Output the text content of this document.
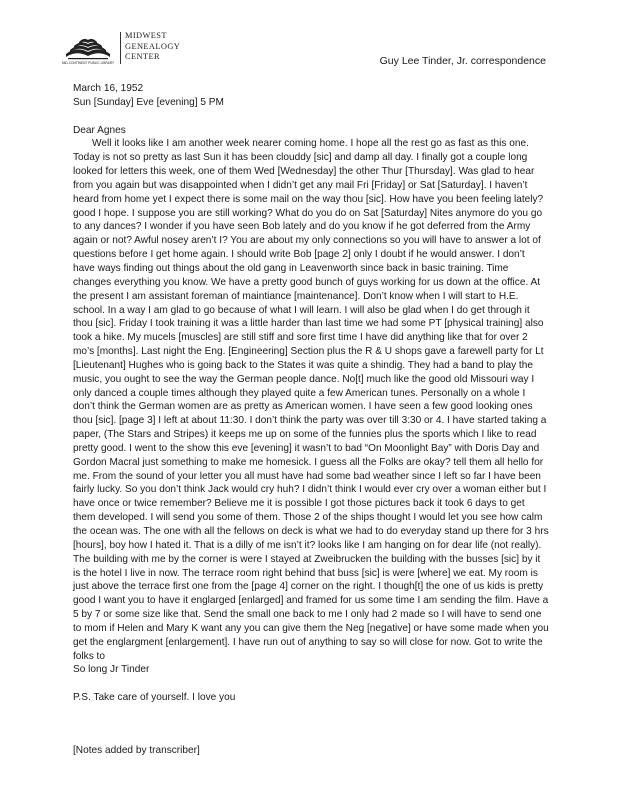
MID-CONTINENT PUBLIC LIBRARY
MIDWEST
GENEALOGY
CENTER	Guy Lee Tinder, Jr. correspondence

March 16, 1952

Sun [Sunday] Eve [evening] 5 PM

Dear Agnes

Well it looks like I am another week nearer coming home. I hope all the rest go as fast as this one. Today is not so pretty as last Sun it has been clouddy [sic] and damp all day. I finally got a couple long looked for letters this week, one of them Wed [Wednesday] the other Thur [Thursday]. Was glad to hear from you again but was disappointed when I didn’t get any mail Fri [Friday] or Sat [Saturday]. I haven’t heard from home yet I expect there is some mail on the way thou [sic]. How have you been feeling lately? good I hope. I suppose you are still working? What do you do on Sat [Saturday] Nites anymore do you go to any dances? I wonder if you have seen Bob lately and do you know if he got deferred from the Army again or not? Awful nosey aren’t I? You are about my only connections so you will have to answer a lot of questions before I get home again. I should write Bob [page 2] only I doubt if he would answer. I don’t have ways finding out things about the old gang in Leavenworth since back in basic training. Time changes everything you know. We have a pretty good bunch of guys working for us down at the office. At the present I am assistant foreman of maintiance [maintenance]. Don’t know when I will start to H.E. school. In a way I am glad to go because of what I will learn. I will also be glad when I do get through it thou [sic]. Friday I took training it was a little harder than last time we had some PT [physical training] also took a hike. My mucels [muscles] are still stiff and sore first time I have did anything like that for over 2 mo’s [months]. Last night the Eng. [Engineering] Section plus the R & U shops gave a farewell party for Lt [Lieutenant] Hughes who is going back to the States it was quite a shindig. They had a band to play the music, you ought to see the way the German people dance. No[t] much like the good old Missouri way I only danced a couple times although they played quite a few American tunes. Personally on a whole I don’t think the German women are as pretty as American women. I have seen a few good looking ones thou [sic]. [page 3] I left at about 11:30. I don’t think the party was over till 3:30 or 4. I have started taking a paper, (The Stars and Stripes) it keeps me up on some of the funnies plus the sports which I like to read pretty good. I went to the show this eve [evening] it wasn’t to bad “On Moonlight Bay” with Doris Day and Gordon Macral just something to make me homesick. I guess all the Folks are okay? tell them all hello for me. From the sound of your letter you all must have had some bad weather since I left so far I have been fairly lucky. So you don’t think Jack would cry huh? I didn’t think I would ever cry over a woman either but I have once or twice remember? Believe me it is possible I got those pictures back it took 6 days to get them developed. I will send you some of them. Those 2 of the ships thought I would let you see how calm the ocean was. The one with all the fellows on deck is what we had to do everyday stand up there for 3 hrs [hours], boy how I hated it. That is a dilly of me isn’t it? looks like I am hanging on for dear life (not really). The building with me by the corner is were I stayed at Zweibrucken the building with the busses [sic] by it is the hotel I live in now. The terrace room right behind that buss [sic] is were [where] we eat. My room is just above the terrace first one from the [page 4] corner on the right. I though[t] the one of us kids is pretty good I want you to have it englarged [enlarged] and framed for us some time I am sending the film. Have a 5 by 7 or some size like that. Send the small one back to me I only had 2 made so I will have to send one to mom if Helen and Mary K want any you can give them the Neg [negative] or have some made when you get the englargment [enlargement]. I have run out of anything to say so will close for now. Got to write the folks to

So long Jr Tinder

P.S. Take care of yourself. I love you

[Notes added by transcriber]
